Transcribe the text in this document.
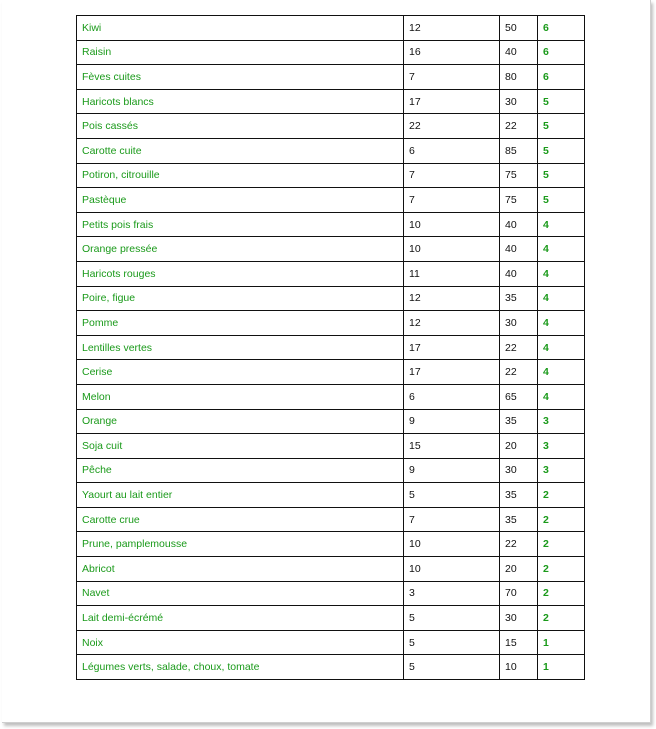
Kiwi	12	50	6
Raisin	16	40	6
Fèves cuites	7	80	6
Haricots blancs	17	30	5
Pois cassés	22	22	5
Carotte cuite	6	85	5
Potiron, citrouille	7	75	5
Pastèque	7	75	5
Petits pois frais	10	40	4
Orange pressée	10	40	4
Haricots rouges	11	40	4
Poire, figue	12	35	4
Pomme	12	30	4
Lentilles vertes	17	22	4
Cerise	17	22	4
Melon	6	65	4
Orange	9	35	3
Soja cuit	15	20	3
Pêche	9	30	3
Yaourt au lait entier	5	35	2
Carotte crue	7	35	2
Prune, pamplemousse	10	22	2
Abricot	10	20	2
Navet	3	70	2
Lait demi-écrémé	5	30	2
Noix	5	15	1
Légumes verts, salade, choux, tomate	5	10	1
